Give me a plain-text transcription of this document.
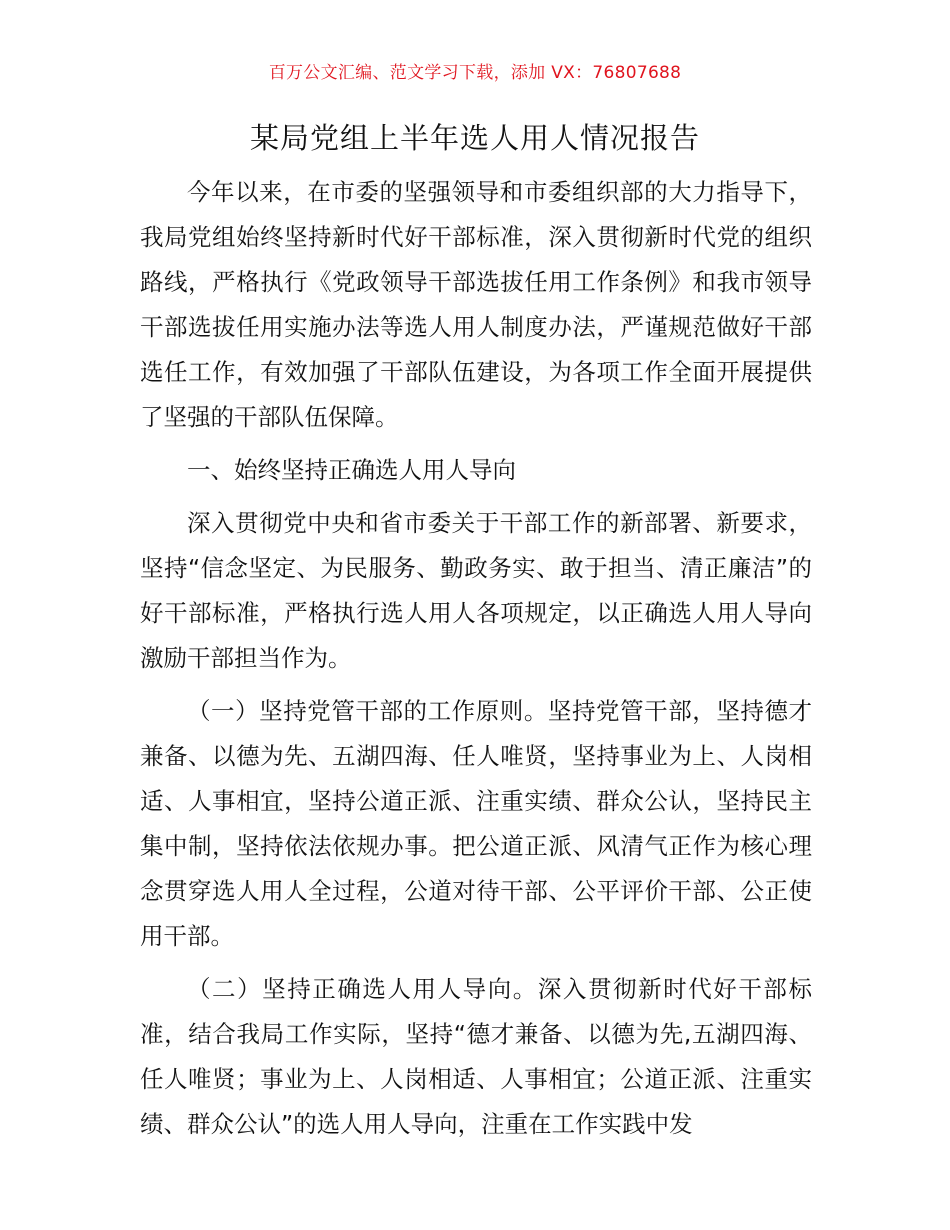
百万公文汇编、范文学习下载，添加 VX：76807688
某局党组上半年选人用人情况报告

今年以来，在市委的坚强领导和市委组织部的大力指导下，我局党组始终坚持新时代好干部标准，深入贯彻新时代党的组织路线，严格执行《党政领导干部选拔任用工作条例》和我市领导干部选拔任用实施办法等选人用人制度办法，严谨规范做好干部选任工作，有效加强了干部队伍建设，为各项工作全面开展提供了坚强的干部队伍保障。

一、始终坚持正确选人用人导向

深入贯彻党中央和省市委关于干部工作的新部署、新要求，坚持“信念坚定、为民服务、勤政务实、敢于担当、清正廉洁”的好干部标准，严格执行选人用人各项规定，以正确选人用人导向激励干部担当作为。

（一）坚持党管干部的工作原则。坚持党管干部，坚持德才兼备、以德为先、五湖四海、任人唯贤，坚持事业为上、人岗相适、人事相宜，坚持公道正派、注重实绩、群众公认，坚持民主集中制，坚持依法依规办事。把公道正派、风清气正作为核心理念贯穿选人用人全过程，公道对待干部、公平评价干部、公正使用干部。

（二）坚持正确选人用人导向。深入贯彻新时代好干部标准，结合我局工作实际，坚持“德才兼备、以德为先,五湖四海、任人唯贤；事业为上、人岗相适、人事相宜；公道正派、注重实绩、群众公认”的选人用人导向，注重在工作实践中发
